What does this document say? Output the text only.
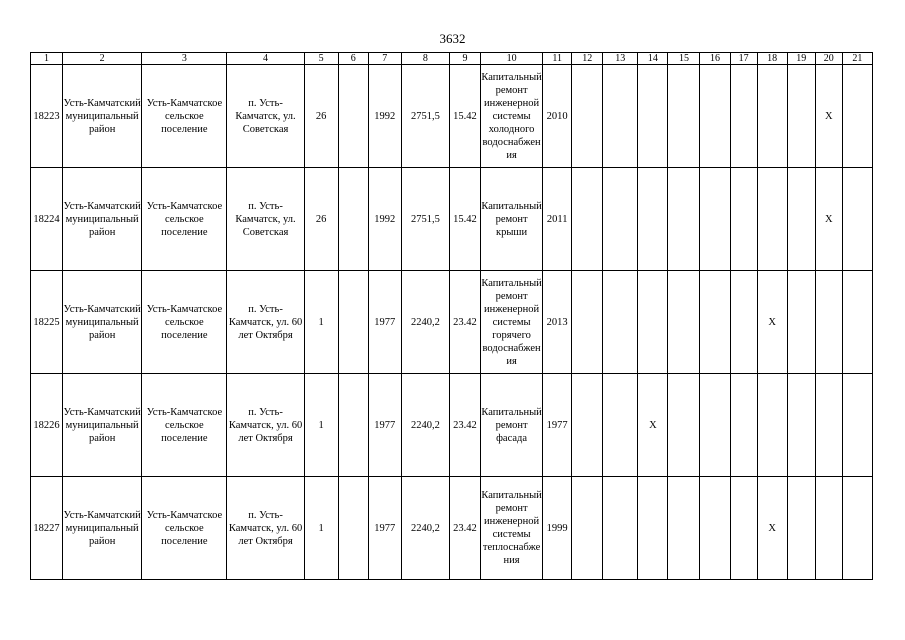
3632
1	2	3	4	5	6	7	8	9	10	11	12	13	14	15	16	17	18	19	20	21
18223	Усть-Камчатский муниципальный район	Усть-Камчатское сельское поселение	п. Усть-Камчатск, ул. Советская	26		1992	2751,5	15.42	Капитальный ремонт инженерной системы холодного водоснабжения	2010									X	
18224	Усть-Камчатский муниципальный район	Усть-Камчатское сельское поселение	п. Усть-Камчатск, ул. Советская	26		1992	2751,5	15.42	Капитальный ремонт крыши	2011									X	
18225	Усть-Камчатский муниципальный район	Усть-Камчатское сельское поселение	п. Усть-Камчатск, ул. 60 лет Октября	1		1977	2240,2	23.42	Капитальный ремонт инженерной системы горячего водоснабжения	2013							X			
18226	Усть-Камчатский муниципальный район	Усть-Камчатское сельское поселение	п. Усть-Камчатск, ул. 60 лет Октября	1		1977	2240,2	23.42	Капитальный ремонт фасада	1977			X							
18227	Усть-Камчатский муниципальный район	Усть-Камчатское сельское поселение	п. Усть-Камчатск, ул. 60 лет Октября	1		1977	2240,2	23.42	Капитальный ремонт инженерной системы теплоснабжения	1999							X			
